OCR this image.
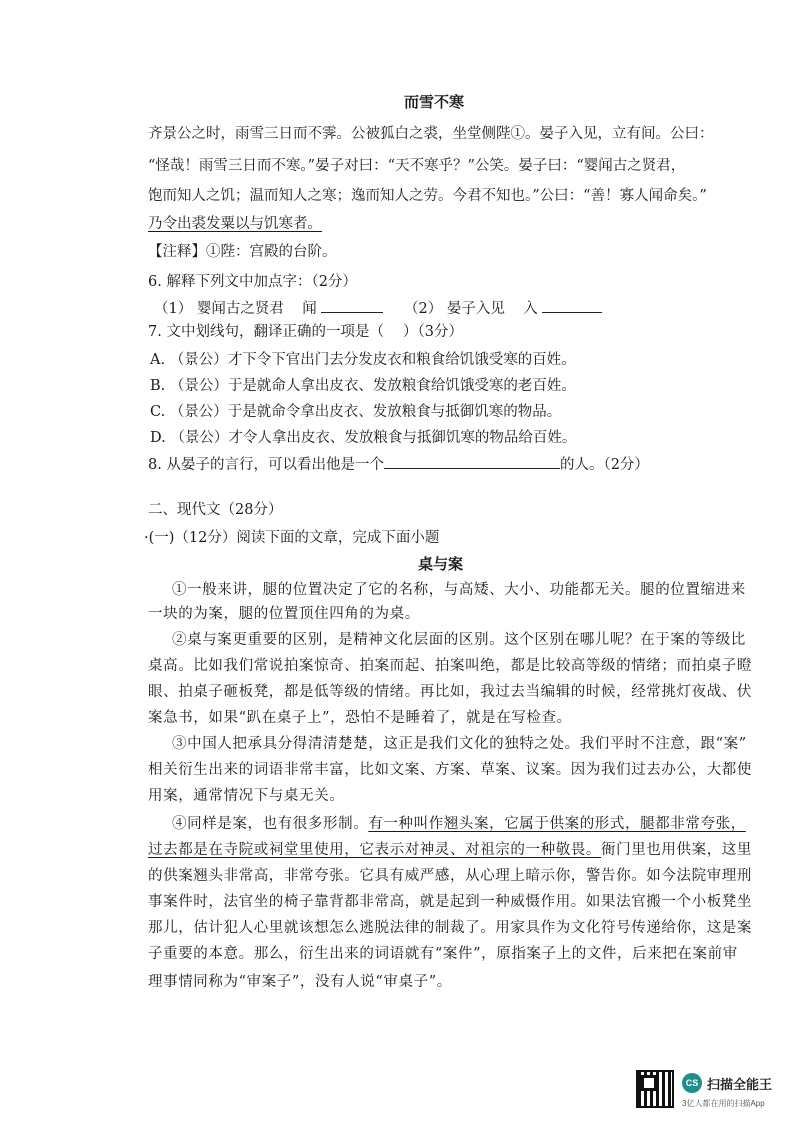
而雪不寒
齐景公之时，雨雪三日而不霁。公被狐白之裘，坐堂侧陛①。晏子入见，立有间。公曰：
“怪哉！雨雪三日而不寒。”晏子对曰：“天不寒乎？”公笑。晏子曰：“婴闻古之贤君，
饱而知人之饥；温而知人之寒；逸而知人之劳。今君不知也。”公曰：“善！寡人闻命矣。”
乃令出裘发粟以与饥寒者。
【注释】①陛：宫殿的台阶。
6. 解释下列文中加点字：（2分）
（1） 婴闻古之贤君 闻	（2） 晏子入见 入
7. 文中划线句，翻译正确的一项是（　 ）（3分）
A. （景公）才下令下官出门去分发皮衣和粮食给饥饿受寒的百姓。
B. （景公）于是就命人拿出皮衣、发放粮食给饥饿受寒的老百姓。
C. （景公）于是就命令拿出皮衣、发放粮食与抵御饥寒的物品。
D. （景公）才令人拿出皮衣、发放粮食与抵御饥寒的物品给百姓。
8. 从晏子的言行，可以看出他是一个	的人。（2分）
二、现代文（28分）
·(一)（12分）阅读下面的文章，完成下面小题
桌与案
①一般来讲，腿的位置决定了它的名称，与高矮、大小、功能都无关。腿的位置缩进来
一块的为案，腿的位置顶住四角的为桌。
②桌与案更重要的区别，是精神文化层面的区别。这个区别在哪儿呢？在于案的等级比
桌高。比如我们常说拍案惊奇、拍案而起、拍案叫绝，都是比较高等级的情绪；而拍桌子瞪
眼、拍桌子砸板凳，都是低等级的情绪。再比如，我过去当编辑的时候，经常挑灯夜战、伏
案急书，如果“趴在桌子上”，恐怕不是睡着了，就是在写检查。
③中国人把承具分得清清楚楚，这正是我们文化的独特之处。我们平时不注意，跟“案”
相关衍生出来的词语非常丰富，比如文案、方案、草案、议案。因为我们过去办公，大都使
用案，通常情况下与桌无关。
④同样是案，也有很多形制。有一种叫作翘头案，它属于供案的形式，腿都非常夸张，
过去都是在寺院或祠堂里使用，它表示对神灵、对祖宗的一种敬畏。衙门里也用供案，这里
的供案翘头非常高，非常夸张。它具有威严感，从心理上暗示你，警告你。如今法院审理刑
事案件时，法官坐的椅子靠背都非常高，就是起到一种威慑作用。如果法官搬一个小板凳坐
那儿，估计犯人心里就该想怎么逃脱法律的制裁了。用家具作为文化符号传递给你，这是案
子重要的本意。那么，衍生出来的词语就有“案件”，原指案子上的文件，后来把在案前审
理事情同称为“审案子”，没有人说“审桌子”。
CS 扫描全能王
3亿人都在用的扫描App
